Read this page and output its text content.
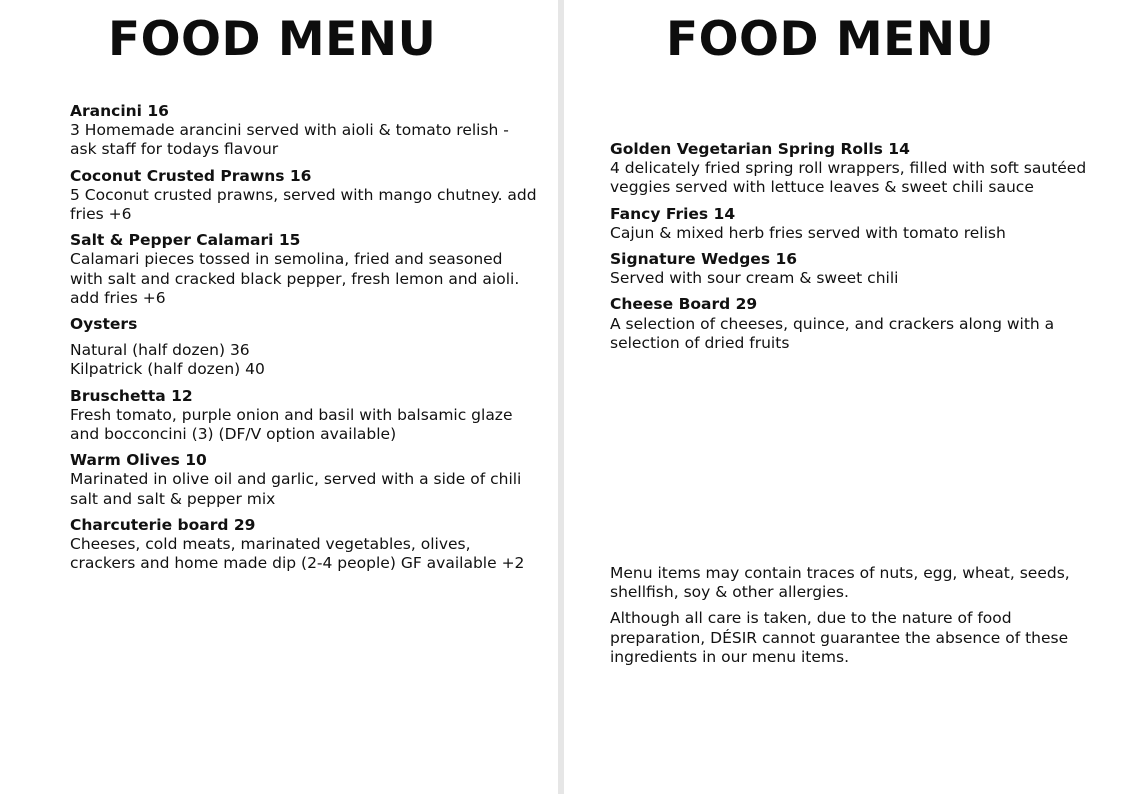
FOOD MENU	FOOD MENU
Arancini 16
3 Homemade arancini served with aioli & tomato relish - ask staff for todays flavour
Coconut Crusted Prawns 16
5 Coconut crusted prawns, served with mango chutney. add fries +6
Salt & Pepper Calamari 15
Calamari pieces tossed in semolina, fried and seasoned with salt and cracked black pepper, fresh lemon and aioli. add fries +6
Oysters
Natural (half dozen) 36
Kilpatrick (half dozen) 40
Bruschetta 12
Fresh tomato, purple onion and basil with balsamic glaze and bocconcini (3) (DF/V option available)
Warm Olives 10
Marinated in olive oil and garlic, served with a side of chili salt and salt & pepper mix
Charcuterie board 29
Cheeses, cold meats, marinated vegetables, olives, crackers and home made dip (2-4 people) GF available +2
Golden Vegetarian Spring Rolls 14
4 delicately fried spring roll wrappers, filled with soft sautéed veggies served with lettuce leaves & sweet chili sauce
Fancy Fries 14
Cajun & mixed herb fries served with tomato relish
Signature Wedges 16
Served with sour cream & sweet chili
Cheese Board 29
A selection of cheeses, quince, and crackers along with a selection of dried fruits
Menu items may contain traces of nuts, egg, wheat, seeds, shellfish, soy & other allergies.
Although all care is taken, due to the nature of food preparation, DÉSIR cannot guarantee the absence of these ingredients in our menu items.
